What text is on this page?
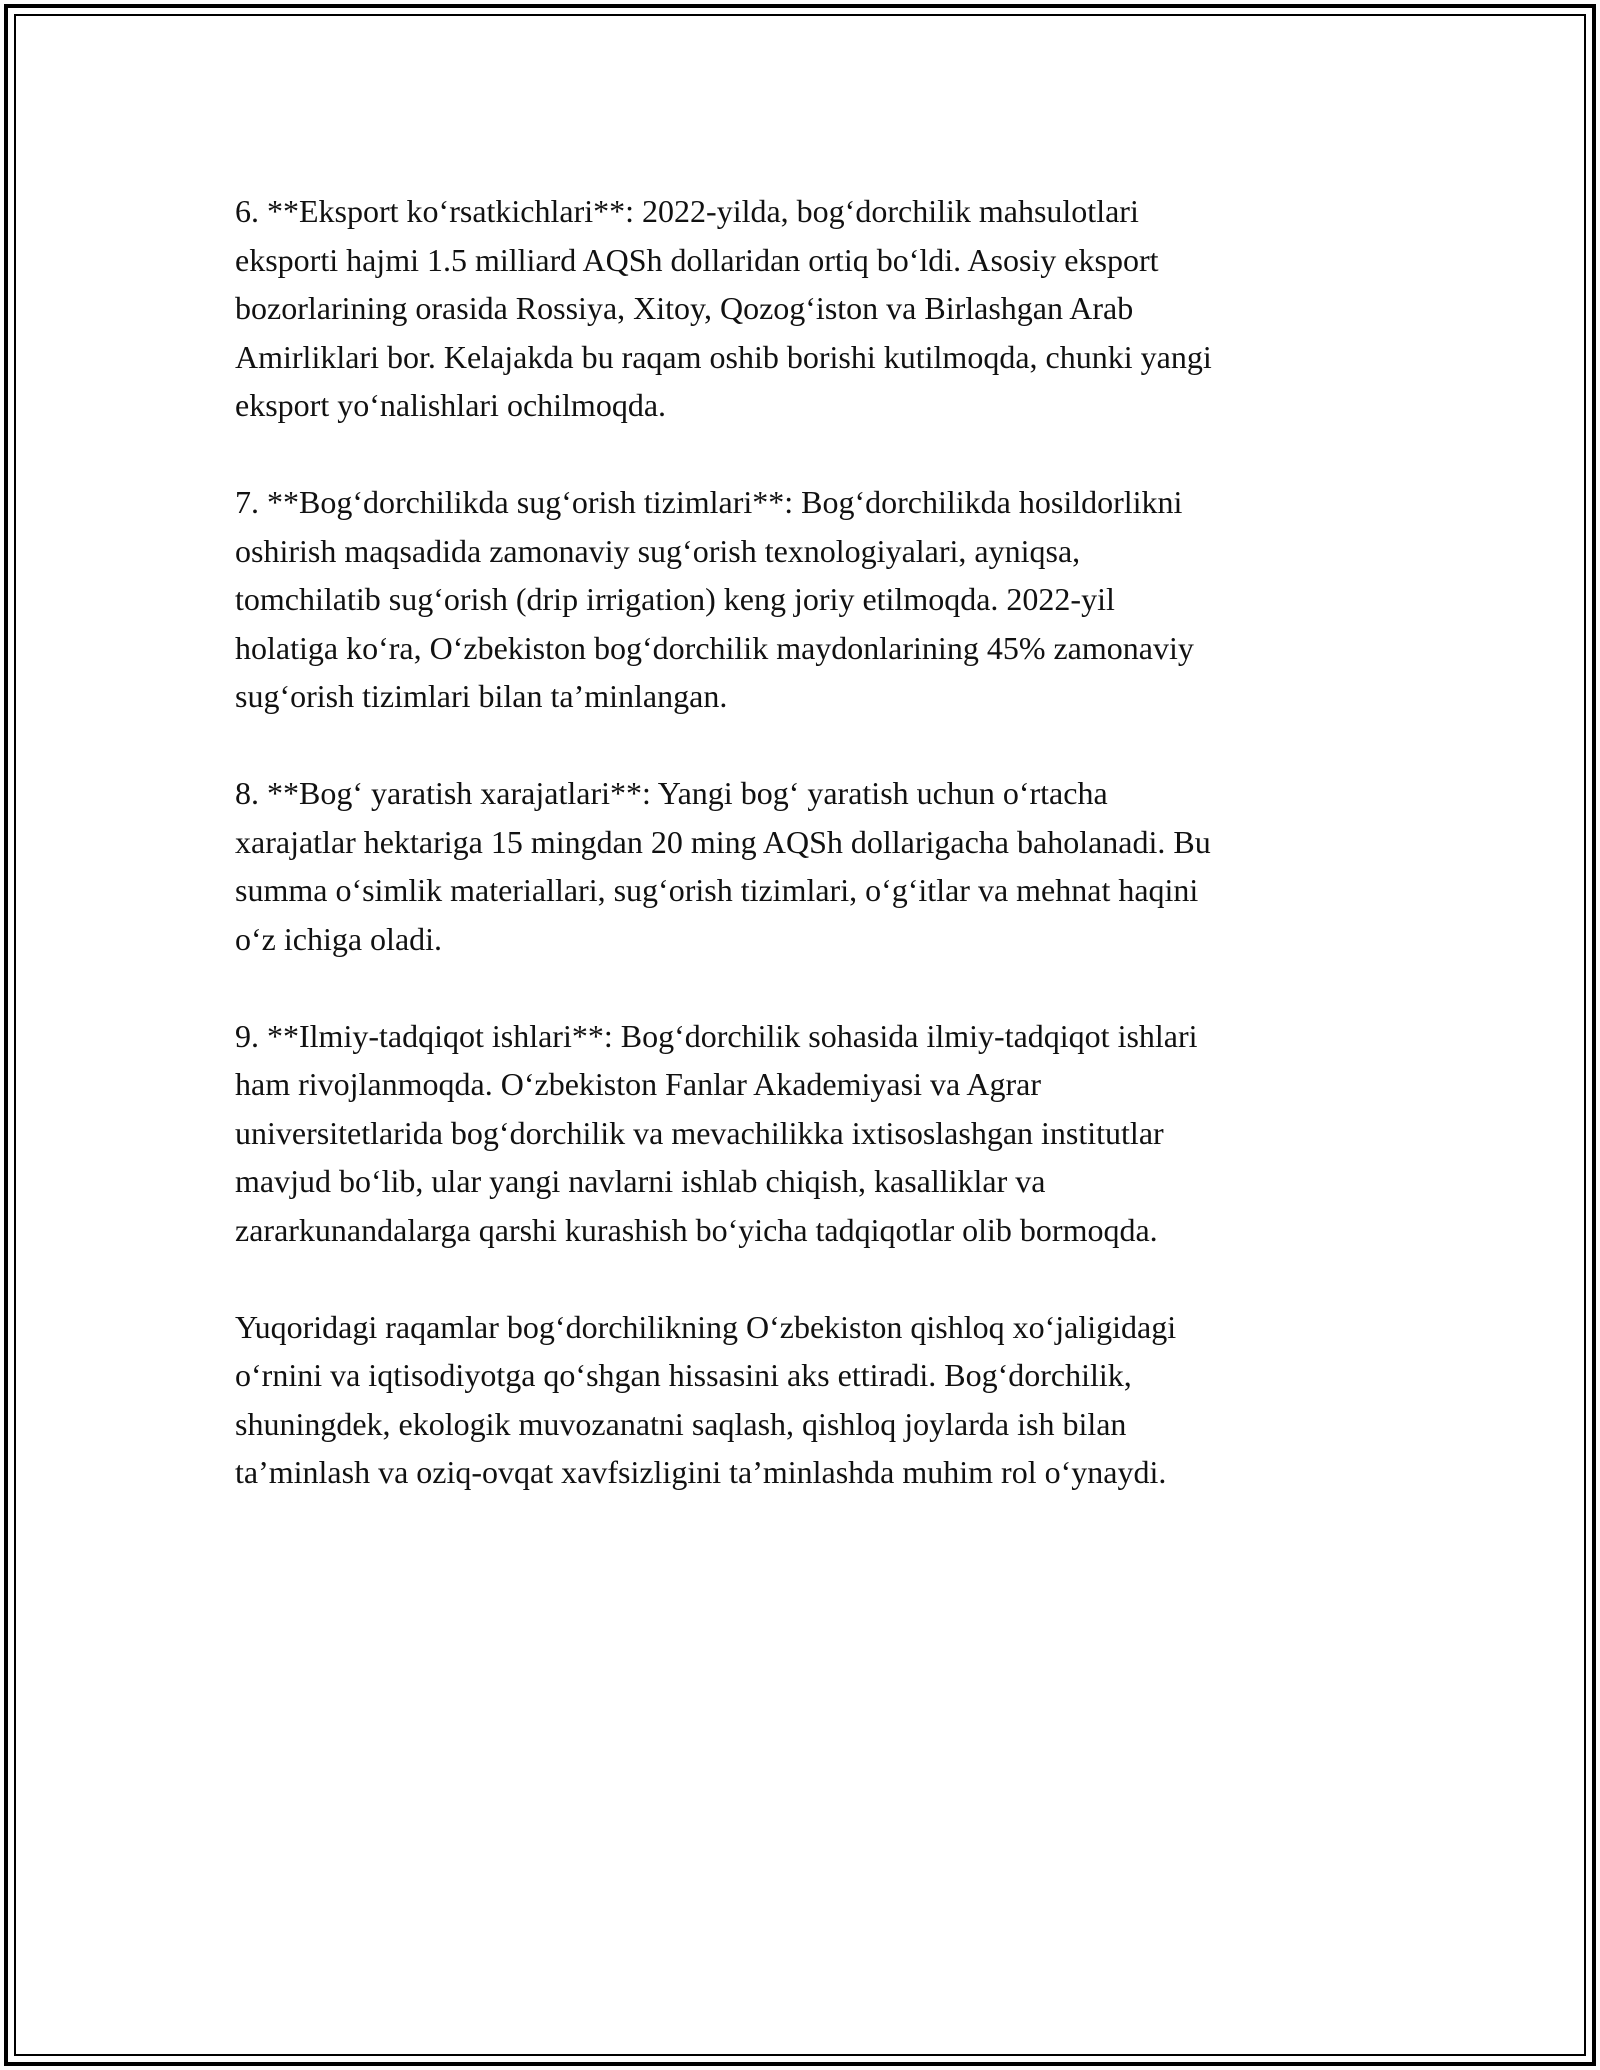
6. **Eksport ko‘rsatkichlari**: 2022-yilda, bog‘dorchilik mahsulotlari
eksporti hajmi 1.5 milliard AQSh dollaridan ortiq bo‘ldi. Asosiy eksport
bozorlarining orasida Rossiya, Xitoy, Qozog‘iston va Birlashgan Arab
Amirliklari bor. Kelajakda bu raqam oshib borishi kutilmoqda, chunki yangi
eksport yo‘nalishlari ochilmoqda.

7. **Bog‘dorchilikda sug‘orish tizimlari**: Bog‘dorchilikda hosildorlikni
oshirish maqsadida zamonaviy sug‘orish texnologiyalari, ayniqsa,
tomchilatib sug‘orish (drip irrigation) keng joriy etilmoqda. 2022-yil
holatiga ko‘ra, O‘zbekiston bog‘dorchilik maydonlarining 45% zamonaviy
sug‘orish tizimlari bilan ta’minlangan.

8. **Bog‘ yaratish xarajatlari**: Yangi bog‘ yaratish uchun o‘rtacha
xarajatlar hektariga 15 mingdan 20 ming AQSh dollarigacha baholanadi. Bu
summa o‘simlik materiallari, sug‘orish tizimlari, o‘g‘itlar va mehnat haqini
o‘z ichiga oladi.

9. **Ilmiy-tadqiqot ishlari**: Bog‘dorchilik sohasida ilmiy-tadqiqot ishlari
ham rivojlanmoqda. O‘zbekiston Fanlar Akademiyasi va Agrar
universitetlarida bog‘dorchilik va mevachilikka ixtisoslashgan institutlar
mavjud bo‘lib, ular yangi navlarni ishlab chiqish, kasalliklar va
zararkunandalarga qarshi kurashish bo‘yicha tadqiqotlar olib bormoqda.

Yuqoridagi raqamlar bog‘dorchilikning O‘zbekiston qishloq xo‘jaligidagi
o‘rnini va iqtisodiyotga qo‘shgan hissasini aks ettiradi. Bog‘dorchilik,
shuningdek, ekologik muvozanatni saqlash, qishloq joylarda ish bilan
ta’minlash va oziq-ovqat xavfsizligini ta’minlashda muhim rol o‘ynaydi.
